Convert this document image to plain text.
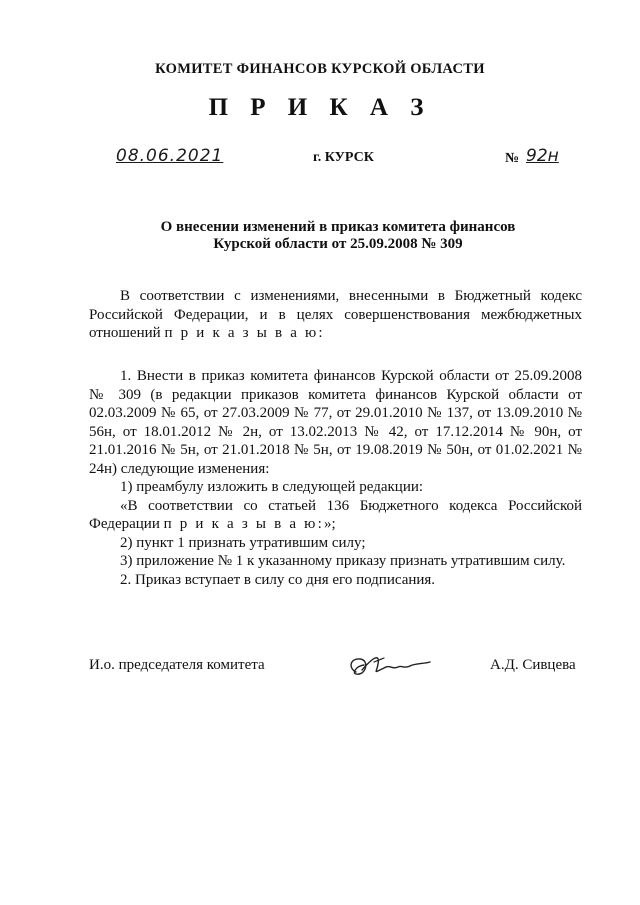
КОМИТЕТ ФИНАНСОВ КУРСКОЙ ОБЛАСТИ
П Р И К А З
08.06.2021	г. КУРСК	№ 92н
О внесении изменений в приказ комитета финансов
Курской области от 25.09.2008 № 309

В соответствии с изменениями, внесенными в Бюджетный кодекс Российской Федерации, и в целях совершенствования межбюджетных отношений п р и к а з ы в а ю:

1. Внести в приказ комитета финансов Курской области от 25.09.2008 № 309 (в редакции приказов комитета финансов Курской области от 02.03.2009 № 65, от 27.03.2009 № 77, от 29.01.2010 № 137, от 13.09.2010 № 56н, от 18.01.2012 № 2н, от 13.02.2013 № 42, от 17.12.2014 № 90н, от 21.01.2016 № 5н, от 21.01.2018 № 5н, от 19.08.2019 № 50н, от 01.02.2021 № 24н) следующие изменения:

1) преамбулу изложить в следующей редакции:

«В соответствии со статьей 136 Бюджетного кодекса Российской Федерации п р и к а з ы в а ю:»;

2) пункт 1 признать утратившим силу;

3) приложение № 1 к указанному приказу признать утратившим силу.

2. Приказ вступает в силу со дня его подписания.

И.о. председателя комитета	А.Д. Сивцева
